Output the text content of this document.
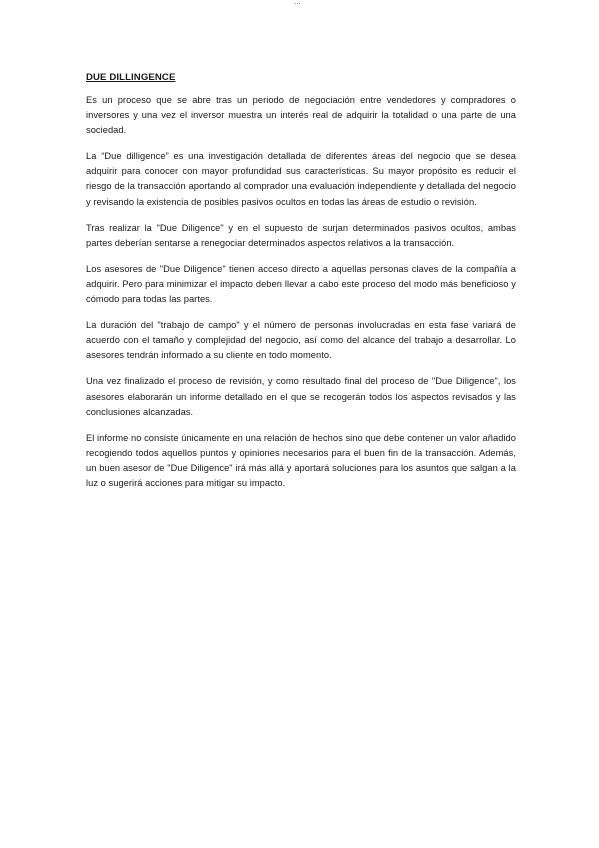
...
DUE DILLINGENCE

Es un proceso que se abre tras un periodo de negociación entre vendedores y compradores o inversores y una vez el inversor muestra un interés real de adquirir la totalidad o una parte de una sociedad.

La “Due dilligence” es una investigación detallada de diferentes áreas del negocio que se desea adquirir para conocer con mayor profundidad sus características. Su mayor propósito es reducir el riesgo de la transacción aportando al comprador una evaluación independiente y detallada del negocio y revisando la existencia de posibles pasivos ocultos en todas las áreas de estudio o revisión.

Tras realizar la "Due Diligence" y en el supuesto de surjan determinados pasivos ocultos, ambas partes deberían sentarse a renegociar determinados aspectos relativos a la transacción.

Los asesores de "Due Diligence" tienen acceso directo a aquellas personas claves de la compañía a adquirir. Pero para minimizar el impacto deben llevar a cabo este proceso del modo más beneficioso y cómodo para todas las partes.

La duración del "trabajo de campo" y el número de personas involucradas en esta fase variará de acuerdo con el tamaño y complejidad del negocio, así como del alcance del trabajo a desarrollar. Lo asesores tendrán informado a su cliente en todo momento.

Una vez finalizado el proceso de revisión, y como resultado final del proceso de "Due Diligence", los asesores elaborarán un informe detallado en el que se recogerán todos los aspectos revisados y las conclusiones alcanzadas.

El informe no consiste únicamente en una relación de hechos sino que debe contener un valor añadido recogiendo todos aquellos puntos y opiniones necesarios para el buen fin de la transacción. Además, un buen asesor de "Due Diligence" irá más allá y aportará soluciones para los asuntos que salgan a la luz o sugerirá acciones para mitigar su impacto.
